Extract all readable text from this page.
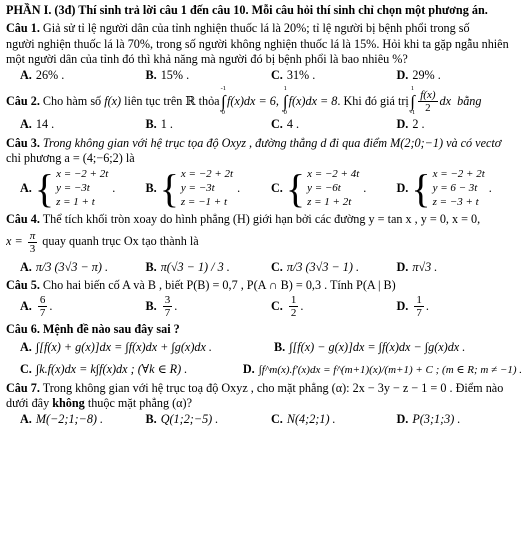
PHẦN I. (3đ) Thí sinh trả lời câu 1 đến câu 10. Mỗi câu hỏi thí sinh chỉ chọn một phương án.
Câu 1. Giả sử tỉ lệ người dân của tỉnh nghiện thuốc lá là 20%; tỉ lệ người bị bệnh phổi trong số
người nghiện thuốc lá là 70%, trong số người không nghiện thuốc lá là 15%. Hỏi khi ta gặp ngẫu nhiên
một người dân của tỉnh đó thì khả năng mà người đó bị bệnh phổi là bao nhiêu %?
A. 26% .	B. 15% .	C. 31% .	D. 29% .
Câu 2. Cho hàm số f(x) liên tục trên ℝ thỏa
-1
∫
0
f(x)dx = 6,
1
∫
0
f(x)dx = 8 . Khi đó giá trị
1
∫
$-1 \frac{f(x)}{2}$ dx  bằng
A. 14 .	B. 1 .	C. 4 .	D. 2 .
Câu 3. Trong không gian với hệ trục tọa độ Oxyz , đường thẳng d đi qua điểm M(2;0;−1) và có vectơ
chỉ phương a = (4;−6;2) là
A. { x = −2 + 2t
y = −3t
z = 1 + t
. B. { x = −2 + 2t
y = −3t
z = −1 + t
.	C. { x = −2 + 4t
y = −6t
z = 1 + 2t
. D. { x = −2 + 2t
y = 6 − 3t
z = −3 + t
.
Câu 4. Thể tích khối tròn xoay do hình phẳng (H) giới hạn bởi các đường y = tan x , y = 0, x = 0,
$x = \frac{\pi}{3}$ quay quanh trục Ox tạo thành là
A. π/3 (3√3 − π) .	B. π(√3 − 1) / 3 .	C. π/3 (3√3 − 1) .	D. π√3 .
Câu 5. Cho hai biến cố A và B , biết P(B) = 0,7 , P(A ∩ B) = 0,3 . Tính P(A | B)
A. $\frac{6}{7}$ .	B. $\frac{3}{7}$ .	C. $\frac{1}{2}$ .	D. $\frac{1}{7}$ .
Câu 6. Mệnh đề nào sau đây sai ?
A. ∫[f(x) + g(x)]dx = ∫f(x)dx + ∫g(x)dx .	B. ∫[f(x) − g(x)]dx = ∫f(x)dx − ∫g(x)dx .
C. ∫k.f(x)dx = k∫f(x)dx ; (∀k ∈ R) .	D. ∫f^m(x).f′(x)dx = f^(m+1)(x)/(m+1) + C ; (m ∈ R; m ≠ −1) .
Câu 7. Trong không gian với hệ trục toạ độ Oxyz , cho mặt phẳng (α): 2x − 3y − z − 1 = 0 . Điểm nào
dưới đây không thuộc mặt phẳng (α)?
A. M(−2;1;−8) .	B. Q(1;2;−5) .	C. N(4;2;1) .	D. P(3;1;3) .
